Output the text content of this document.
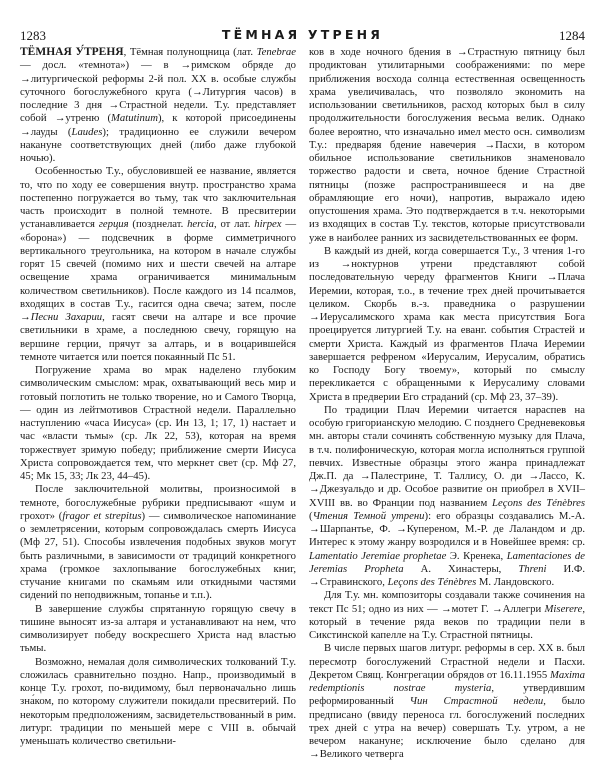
1283	ТЁМНАЯ УТРЕНЯ	1284

ТЁМНАЯ У́ТРЕНЯ, Тёмная полунощница (лат. Tenebrae — досл. «темнота») — в →римском обряде до →литургической реформы 2-й пол. XX в. особые службы суточного богослужебного круга (→Литургия часов) в последние 3 дня →Страстной недели. Т.у. представляет собой →утреню (Matutinum), к которой присоединены →лауды (Laudes); традиционно ее служили вечером накануне соответствующих дней (либо даже глубокой ночью).

Особенностью Т.у., обусловившей ее название, является то, что по ходу ее совершения внутр. пространство храма постепенно погружается во тьму, так что заключительная часть происходит в полной темноте. В пресвитерии устанавливается герция (позднелат. hercia, от лат. hirpex — «борона») — подсвечник в форме симметричного вертикального треугольника, на котором в начале службы горят 15 свечей (помимо них и шести свечей на алтаре освещение храма ограничивается минимальным количеством светильников). После каждого из 14 псалмов, входящих в состав Т.у., гасится одна свеча; затем, после →Песни Захарии, гасят свечи на алтаре и все прочие светильники в храме, а последнюю свечу, горящую на вершине герции, прячут за алтарь, и в воцарившейся темноте читается или поется покаянный Пс 51.

Погружение храма во мрак наделено глубоким символическим смыслом: мрак, охватывающий весь мир и готовый поглотить не только творение, но и Самого Творца, — один из лейтмотивов Страстной недели. Параллельно наступлению «часа Иисуса» (ср. Ин 13, 1; 17, 1) настает и час «власти тьмы» (ср. Лк 22, 53), которая на время торжествует зримую победу; приближение смерти Иисуса Христа сопровождается тем, что меркнет свет (ср. Мф 27, 45; Мк 15, 33; Лк 23, 44–45).

После заключительной молитвы, произносимой в темноте, богослужебные рубрики предписывают «шум и грохот» (fragor et strepitus) — символическое напоминание о землетрясении, которым сопровождалась смерть Иисуса (Мф 27, 51). Способы извлечения подобных звуков могут быть различными, в зависимости от традиций конкретного храма (громкое захлопывание богослужебных книг, стучание книгами по скамьям или откидными частями сидений по неподвижным, топанье и т.п.).

В завершение службы спрятанную горящую свечу в тишине выносят из-за алтаря и устанавливают на нем, что символизирует победу воскресшего Христа над властью тьмы.

Возможно, немалая доля символических толкований Т.у. сложилась сравнительно поздно. Напр., производимый в конце Т.у. грохот, по-видимому, был первоначально лишь зна́ком, по которому служители покидали пресвитерий. По некоторым предположениям, засвидетельствованный в рим. литург. традиции по меньшей мере с VIII в. обычай уменьшать количество светильни-

ков в ходе ночного бдения в →Страстную пятницу был продиктован утилитарными соображениями: по мере приближения восхода солнца естественная освещенность храма увеличивалась, что позволяло экономить на использовании светильников, расход которых был в силу продолжительности богослужения весьма велик. Однако более вероятно, что изначально имел место осн. символизм Т.у.: предваряя бдение навечерия →Пасхи, в котором обильное использование светильников знаменовало торжество радости и света, ночное бдение Страстной пятницы (позже распространившееся и на две обрамляющие его ночи), напротив, выражало идею опустошения храма. Это подтверждается в т.ч. некоторыми из входящих в состав Т.у. текстов, которые присутствовали уже в наиболее ранних из засвидетельствованных ее форм.

В каждый из дней, когда совершается Т.у., 3 чтения 1-го из →ноктурнов утрени представляют собой последовательную череду фрагментов Книги →Плача Иеремии, которая, т.о., в течение трех дней прочитывается целиком. Скорбь в.-з. праведника о разрушении →Иерусалимского храма как места присутствия Бога проецируется литургией Т.у. на еванг. события Страстей и смерти Христа. Каждый из фрагментов Плача Иеремии завершается рефреном «Иерусалим, Иерусалим, обратись ко Господу Богу твоему», который по смыслу перекликается с обращенными к Иерусалиму словами Христа в предверии Его страданий (ср. Мф 23, 37–39).

По традиции Плач Иеремии читается нараспев на особую григорианскую мелодию. С позднего Средневековья мн. авторы стали сочинять собственную музыку для Плача, в т.ч. полифоническую, которая могла исполняться группой певчих. Известные образцы этого жанра принадлежат Дж.П. да →Палестрине, Т. Таллису, О. ди →Лассо, К. →Джезуальдо и др. Особое развитие он приобрел в XVII–XVIII вв. во Франции под названием Leçons des Ténèbres (Чтения Темной утрени): его образцы создавались М.-А. →Шарпантье, Ф. →Купереном, М.-Р. де Лаландом и др. Интерес к этому жанру возродился и в Новейшее время: ср. Lamentatio Jeremiae prophetae Э. Кренека, Lamentaciones de Jeremias Propheta А. Хинастеры, Threni И.Ф. →Стравинского, Leçons des Ténèbres М. Ландовского.

Для Т.у. мн. композиторы создавали также сочинения на текст Пс 51; одно из них — →мотет Г. →Аллегри Miserere, который в течение ряда веков по традиции пели в Сикстинской капелле на Т.у. Страстной пятницы.

В числе первых шагов литург. реформы в сер. XX в. был пересмотр богослужений Страстной недели и Пасхи. Декретом Свящ. Конгрегации обрядов от 16.11.1955 Maxima redemptionis nostrae mysteria, утвердившим реформированный Чин Страстной недели, было предписано (ввиду переноса гл. богослужений последних трех дней с утра на вечер) совершать Т.у. утром, а не вечером накануне; исключение было сделано для →Великого четверга
